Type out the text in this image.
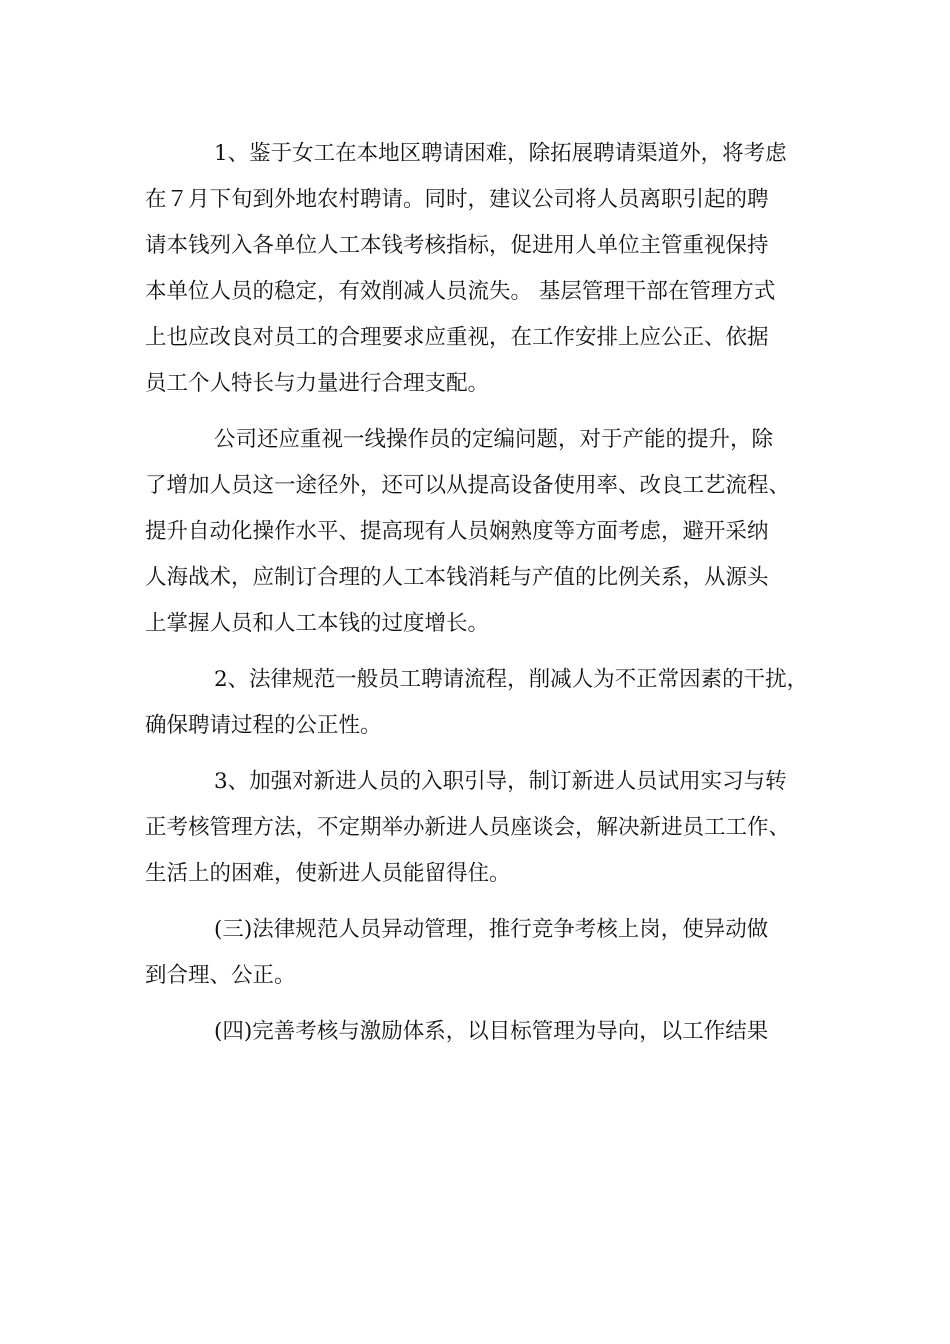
1、鉴于女工在本地区聘请困难，除拓展聘请渠道外，将考虑
在７月下旬到外地农村聘请。同时，建议公司将人员离职引起的聘
请本钱列入各单位人工本钱考核指标，促进用人单位主管重视保持
本单位人员的稳定，有效削减人员流失。 基层管理干部在管理方式
上也应改良对员工的合理要求应重视，在工作安排上应公正、依据
员工个人特长与力量进行合理支配。

公司还应重视一线操作员的定编问题，对于产能的提升，除
了增加人员这一途径外，还可以从提高设备使用率、改良工艺流程、
提升自动化操作水平、提高现有人员娴熟度等方面考虑，避开采纳
人海战术，应制订合理的人工本钱消耗与产值的比例关系，从源头
上掌握人员和人工本钱的过度增长。

2、法律规范一般员工聘请流程，削减人为不正常因素的干扰，
确保聘请过程的公正性。

3、加强对新进人员的入职引导，制订新进人员试用实习与转
正考核管理方法，不定期举办新进人员座谈会，解决新进员工工作、
生活上的困难，使新进人员能留得住。

(三)法律规范人员异动管理，推行竞争考核上岗，使异动做
到合理、公正。

(四)完善考核与激励体系，以目标管理为导向，以工作结果
